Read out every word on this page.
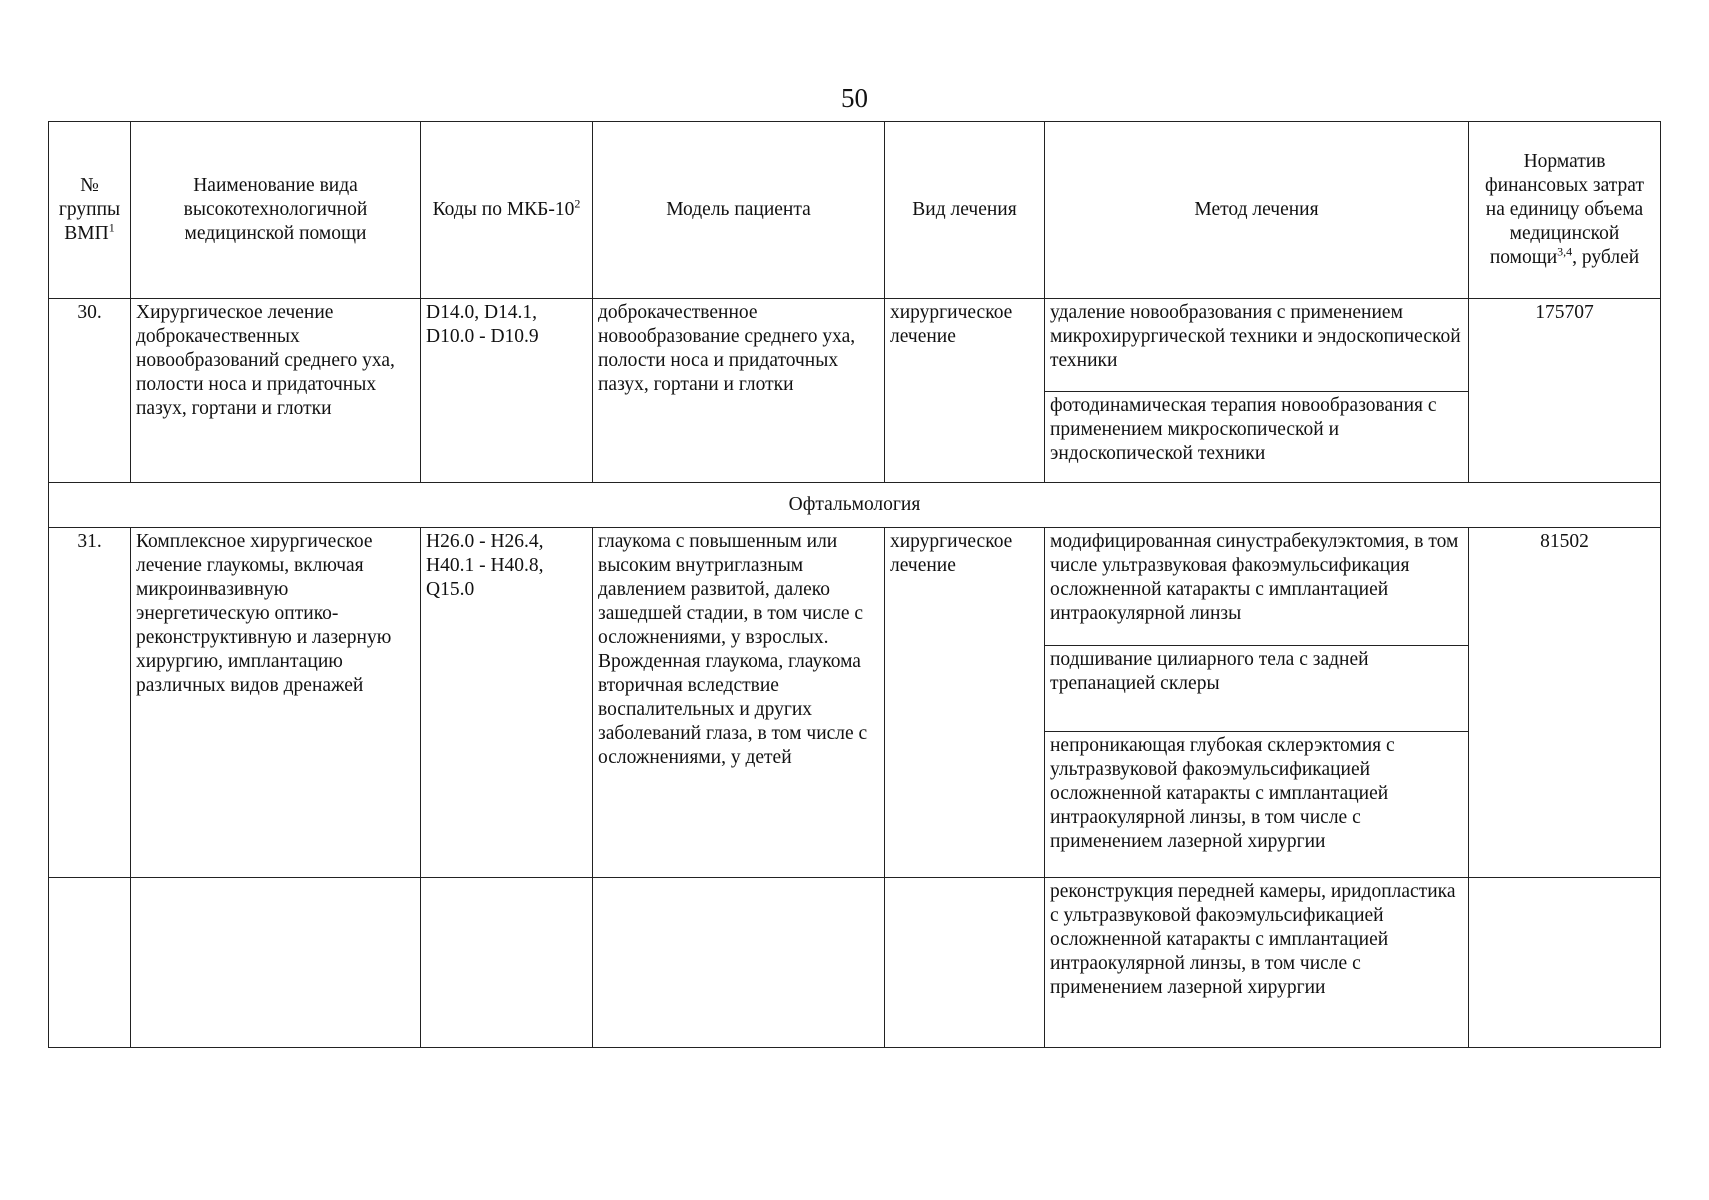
50
№ группы ВМП$^1$	Наименование вида высокотехнологичной медицинской помощи	Коды по МКБ-$10^2$	Модель пациента	Вид лечения	Метод лечения	Норматив финансовых затрат на единицу объема медицинской помощи$^{3,4}$, рублей
30.	Хирургическое лечение доброкачественных новообразований среднего уха, полости носа и придаточных пазух, гортани и глотки	D14.0, D14.1, D10.0 - D10.9	доброкачественное новообразование среднего уха, полости носа и придаточных пазух, гортани и глотки	хирургическое лечение	удаление новообразования с применением микрохирургической техники и эндоскопической техники	175707
					фотодинамическая терапия новообразования с применением микроскопической и эндоскопической техники	
Офтальмология						
31.	Комплексное хирургическое лечение глаукомы, включая микроинвазивную энергетическую оптико-реконструктивную и лазерную хирургию, имплантацию различных видов дренажей	H26.0 - H26.4, H40.1 - H40.8, Q15.0	глаукома с повышенным или высоким внутриглазным давлением развитой, далеко зашедшей стадии, в том числе с осложнениями, у взрослых. Врожденная глаукома, глаукома вторичная вследствие воспалительных и других заболеваний глаза, в том числе с осложнениями, у детей	хирургическое лечение	модифицированная синустрабекулэктомия, в том числе ультразвуковая факоэмульсификация осложненной катаракты с имплантацией интраокулярной линзы	81502
					подшивание цилиарного тела с задней трепанацией склеры	
					непроникающая глубокая склерэктомия с ультразвуковой факоэмульсификацией осложненной катаракты с имплантацией интраокулярной линзы, в том числе с применением лазерной хирургии	
					реконструкция передней камеры, иридопластика с ультразвуковой факоэмульсификацией осложненной катаракты с имплантацией интраокулярной линзы, в том числе с применением лазерной хирургии	
